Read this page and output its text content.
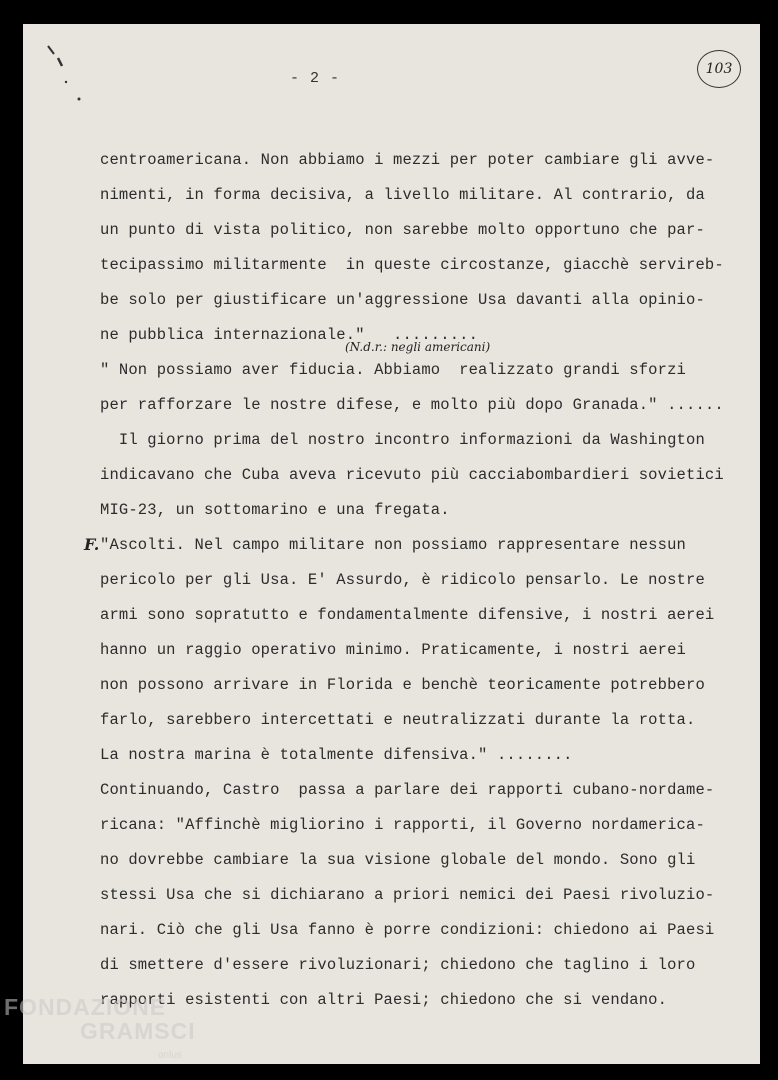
103
- 2 -
centroamericana. Non abbiamo i mezzi per poter cambiare gli avve-
nimenti, in forma decisiva, a livello militare. Al contrario, da
un punto di vista politico, non sarebbe molto opportuno che par-
tecipassimo militarmente  in queste circostanze, giacchè servireb-
be solo per giustificare un'aggressione Usa davanti alla opinio-
ne pubblica internazionale."   .........
" Non possiamo aver fiducia. Abbiamo  realizzato grandi sforzi
per rafforzare le nostre difese, e molto più dopo Granada." ......
Il giorno prima del nostro incontro informazioni da Washington
indicavano che Cuba aveva ricevuto più cacciabombardieri sovietici
MIG-23, un sottomarino e una fregata.
"Ascolti. Nel campo militare non possiamo rappresentare nessun
pericolo per gli Usa. E' Assurdo, è ridicolo pensarlo. Le nostre
armi sono sopratutto e fondamentalmente difensive, i nostri aerei
hanno un raggio operativo minimo. Praticamente, i nostri aerei
non possono arrivare in Florida e benchè teoricamente potrebbero
farlo, sarebbero intercettati e neutralizzati durante la rotta.
La nostra marina è totalmente difensiva." ........
Continuando, Castro  passa a parlare dei rapporti cubano-nordame-
ricana: "Affinchè migliorino i rapporti, il Governo nordamericа-
no dovrebbe cambiare la sua visione globale del mondo. Sono gli
stessi Usa che si dichiarano a priori nemici dei Paesi rivoluzio-
nari. Ciò che gli Usa fanno è porre condizioni: chiedono ai Paesi
di smettere d'essere rivoluzionari; chiedono che taglino i loro
rapporti esistenti con altri Paesi; chiedono che si vendano.
(N.d.r.: negli americani)
F.
FONDAZIONE
GRAMSCI
onlus
